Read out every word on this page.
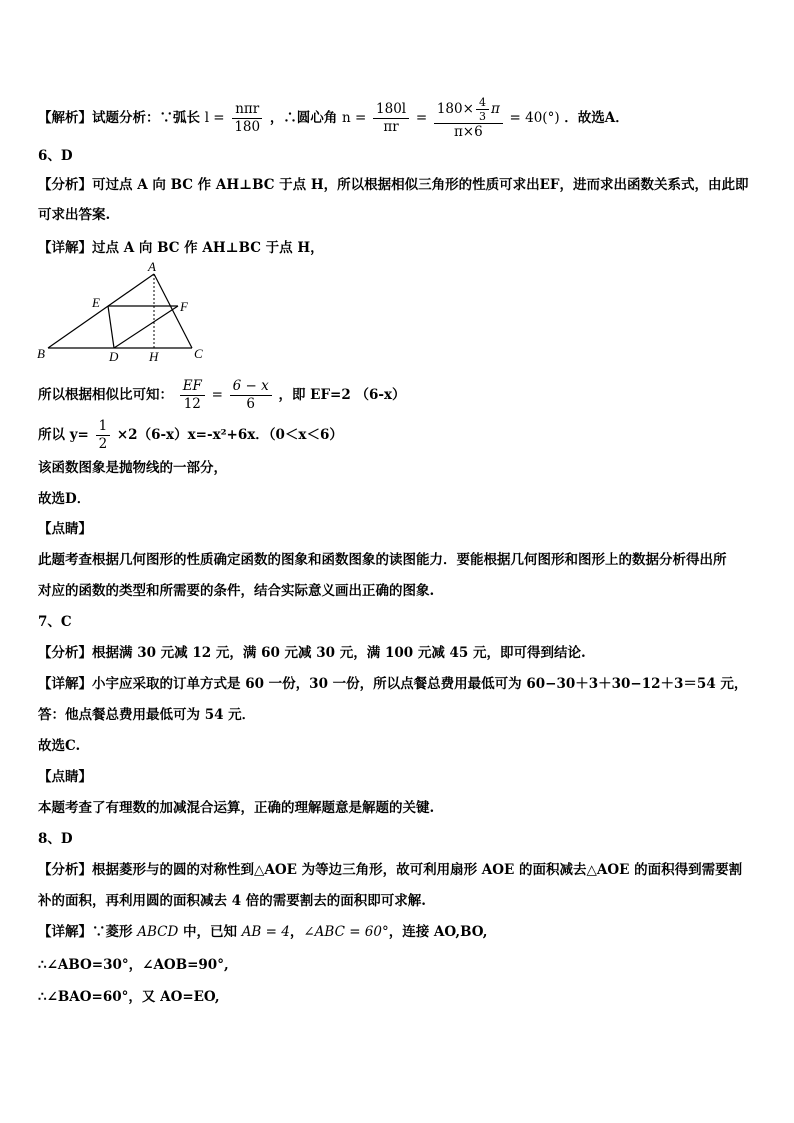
【解析】试题分析：∵弧长 $l = \frac{\text{nπr}}{180}$ ，∴圆心角 $n = \frac{180l}{\pi r} = \frac{180\times \frac{4}{3} \pi}{\pi\times 6} = 40(^\circ)$ ．故选A．
6、D
【分析】可过点 A 向 BC 作 AH⊥BC 于点 H，所以根据相似三角形的性质可求出EF，进而求出函数关系式，由此即
可求出答案.
【详解】过点 A 向 BC 作 AH⊥BC 于点 H，
A
E	F
B	D H	C
所以根据相似比可知： $\frac{EF}{12} = \frac{6 - x}{6}$ ，即 EF=2 （6-x）
所以 $y= \frac{1}{2} \times 2(6-x)x=-x^2+6x$．（0＜x＜6）
该函数图象是抛物线的一部分，
故选D．
【点睛】
此题考查根据几何图形的性质确定函数的图象和函数图象的读图能力．要能根据几何图形和图形上的数据分析得出所
对应的函数的类型和所需要的条件，结合实际意义画出正确的图象.
7、C
【分析】根据满 30 元减 12 元，满 60 元减 30 元，满 100 元减 45 元，即可得到结论.
【详解】小宇应采取的订单方式是 60 一份，30 一份，所以点餐总费用最低可为 60−30＋3＋30−12＋3＝54 元，
答：他点餐总费用最低可为 54 元．
故选C.
【点睛】
本题考查了有理数的加减混合运算，正确的理解题意是解题的关键.
8、D
【分析】根据菱形与的圆的对称性到△AOE 为等边三角形，故可利用扇形 AOE 的面积减去△AOE 的面积得到需要割
补的面积，再利用圆的面积减去 4 倍的需要割去的面积即可求解.
【详解】∵菱形 ABCD 中，已知 AB = 4，∠ABC = 60°，连接 AO,BO,
∴∠ABO=30°，∠AOB=90°,
∴∠BAO=60°，又 AO=EO,
